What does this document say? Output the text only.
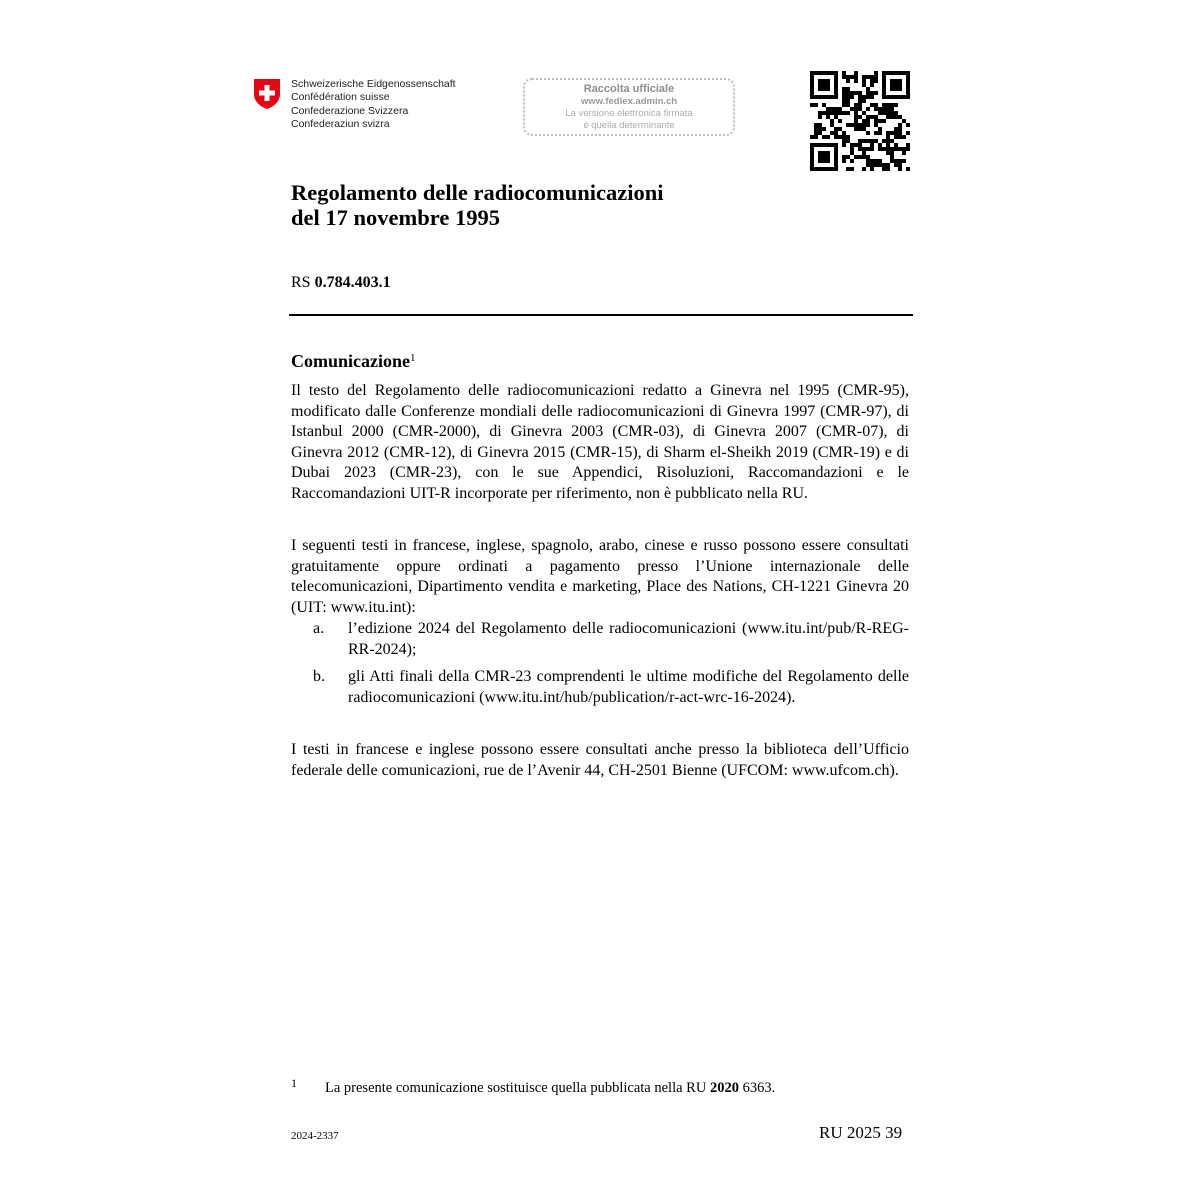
Schweizerische Eidgenossenschaft
Confédération suisse
Confederazione Svizzera
Confederaziun svizra
Raccolta ufficiale
www.fedlex.admin.ch
La versione elettronica firmata
è quella determinante
Regolamento delle radiocomunicazioni
del 17 novembre 1995
RS 0.784.403.1
Comunicazione$^1$

Il testo del Regolamento delle radiocomunicazioni redatto a Ginevra nel 1995 (CMR-95), modificato dalle Conferenze mondiali delle radiocomunicazioni di Ginevra 1997 (CMR-97), di Istanbul 2000 (CMR-2000), di Ginevra 2003 (CMR-03), di Ginevra 2007 (CMR-07), di Ginevra 2012 (CMR-12), di Ginevra 2015 (CMR-15), di Sharm el-Sheikh 2019 (CMR-19) e di Dubai 2023 (CMR-23), con le sue Appendici, Risoluzioni, Raccomandazioni e le Raccomandazioni UIT-R incorporate per riferimento, non è pubblicato nella RU.

I seguenti testi in francese, inglese, spagnolo, arabo, cinese e russo possono essere consultati gratuitamente oppure ordinati a pagamento presso l’Unione internazionale delle telecomunicazioni, Dipartimento vendita e marketing, Place des Nations, CH-1221 Ginevra 20 (UIT: www.itu.int):

a. l’edizione 2024 del Regolamento delle radiocomunicazioni (www.itu.int/pub/R-REG-RR-2024);
b. gli Atti finali della CMR-23 comprendenti le ultime modifiche del Regolamento delle radiocomunicazioni (www.itu.int/hub/publication/r-act-wrc-16-2024).

I testi in francese e inglese possono essere consultati anche presso la biblioteca dell’Ufficio federale delle comunicazioni, rue de l’Avenir 44, CH-2501 Bienne (UFCOM: www.ufcom.ch).

1 La presente comunicazione sostituisce quella pubblicata nella RU 2020 6363.
2024-2337	RU 2025 39
